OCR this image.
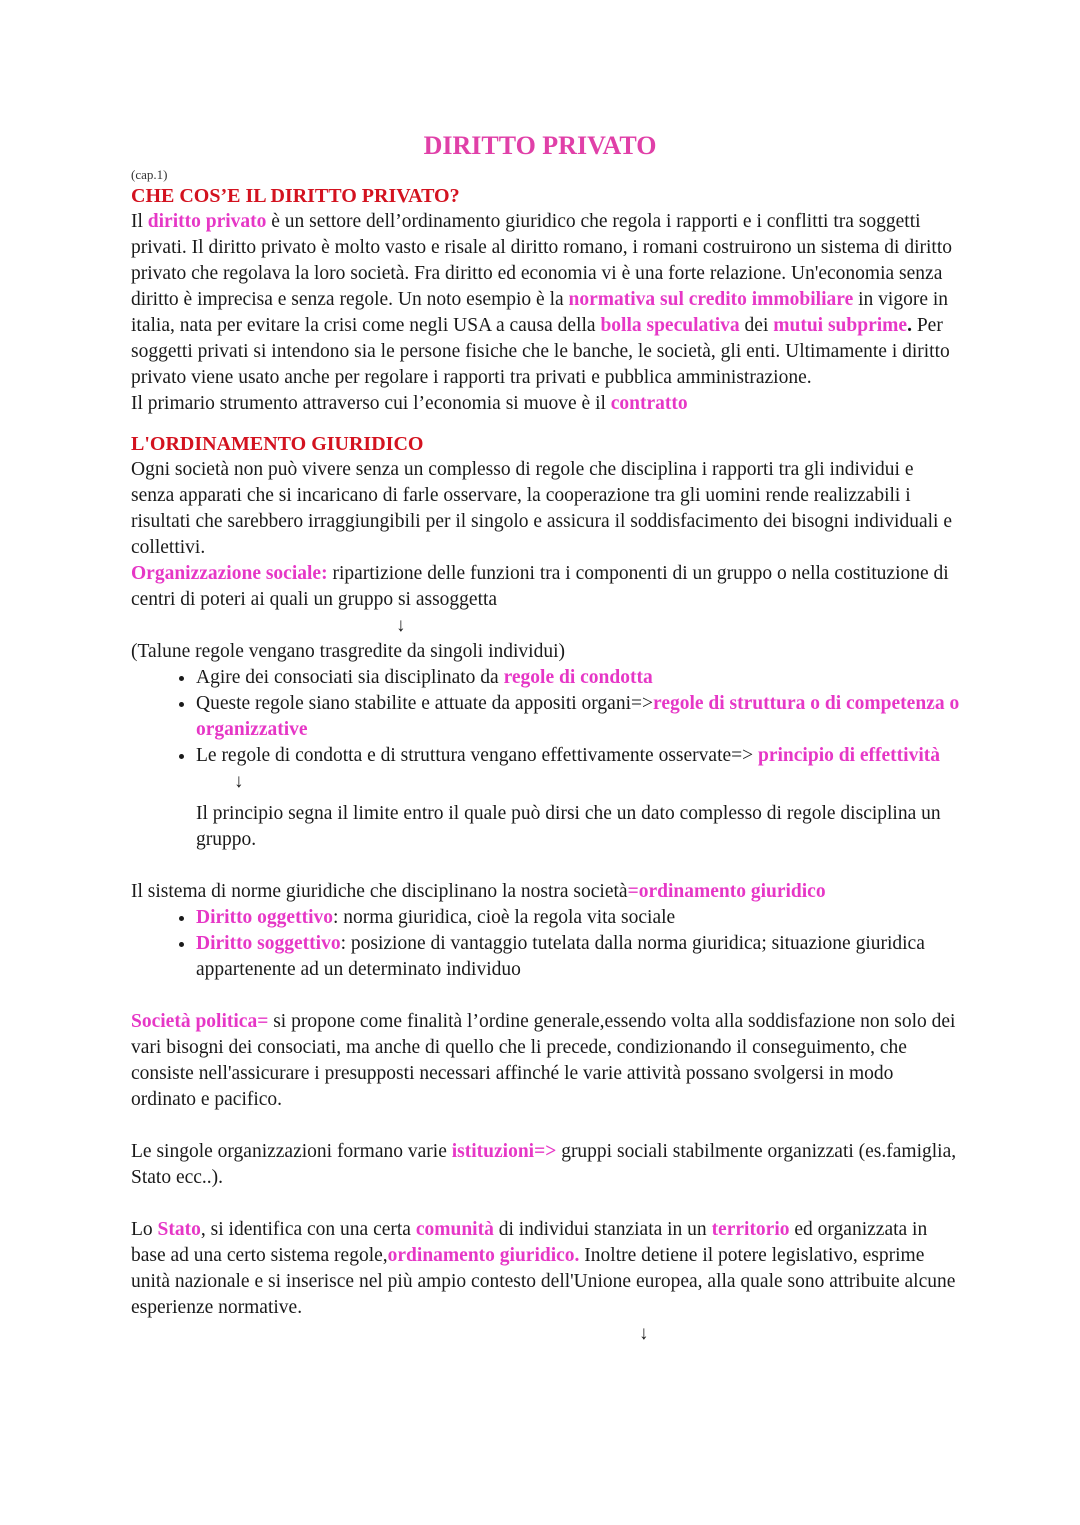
DIRITTO PRIVATO
(cap.1)
CHE COS’E IL DIRITTO PRIVATO?

Il diritto privato è un settore dell’ordinamento giuridico che regola i rapporti e i conflitti tra soggetti privati. Il diritto privato è molto vasto e risale al diritto romano, i romani costruirono un sistema di diritto privato che regolava la loro società. Fra diritto ed economia vi è una forte relazione. Un'economia senza diritto è imprecisa e senza regole. Un noto esempio è la normativa sul credito immobiliare in vigore in italia, nata per evitare la crisi come negli USA a causa della bolla speculativa dei mutui subprime. Per soggetti privati si intendono sia le persone fisiche che le banche, le società, gli enti. Ultimamente i diritto privato viene usato anche per regolare i rapporti tra privati e pubblica amministrazione.

Il primario strumento attraverso cui l’economia si muove è il contratto

L'ORDINAMENTO GIURIDICO

Ogni società non può vivere senza un complesso di regole che disciplina i rapporti tra gli individui e senza apparati che si incaricano di farle osservare, la cooperazione tra gli uomini rende realizzabili i risultati che sarebbero irraggiungibili per il singolo e assicura il soddisfacimento dei bisogni individuali e collettivi.

Organizzazione sociale: ripartizione delle funzioni tra i componenti di un gruppo o nella costituzione di centri di poteri ai quali un gruppo si assoggetta

↓

(Talune regole vengano trasgredite da singoli individui)

• Agire dei consociati sia disciplinato da regole di condotta
• Queste regole siano stabilite e attuate da appositi organi=>regole di struttura o di competenza o organizzative
• Le regole di condotta e di struttura vengano effettivamente osservate=> principio di effettività
↓

Il principio segna il limite entro il quale può dirsi che un dato complesso di regole disciplina un gruppo.

Il sistema di norme giuridiche che disciplinano la nostra società=ordinamento giuridico

• Diritto oggettivo: norma giuridica, cioè la regola vita sociale
• Diritto soggettivo: posizione di vantaggio tutelata dalla norma giuridica; situazione giuridica appartenente ad un determinato individuo

Società politica= si propone come finalità l’ordine generale,essendo volta alla soddisfazione non solo dei vari bisogni dei consociati, ma anche di quello che li precede, condizionando il conseguimento, che consiste nell'assicurare i presupposti necessari affinché le varie attività possano svolgersi in modo ordinato e pacifico.

Le singole organizzazioni formano varie istituzioni=> gruppi sociali stabilmente organizzati (es.famiglia, Stato ecc..).

Lo Stato, si identifica con una certa comunità di individui stanziata in un territorio ed organizzata in base ad una certo sistema regole,ordinamento giuridico. Inoltre detiene il potere legislativo, esprime unità nazionale e si inserisce nel più ampio contesto dell'Unione europea, alla quale sono attribuite alcune esperienze normative.

↓
